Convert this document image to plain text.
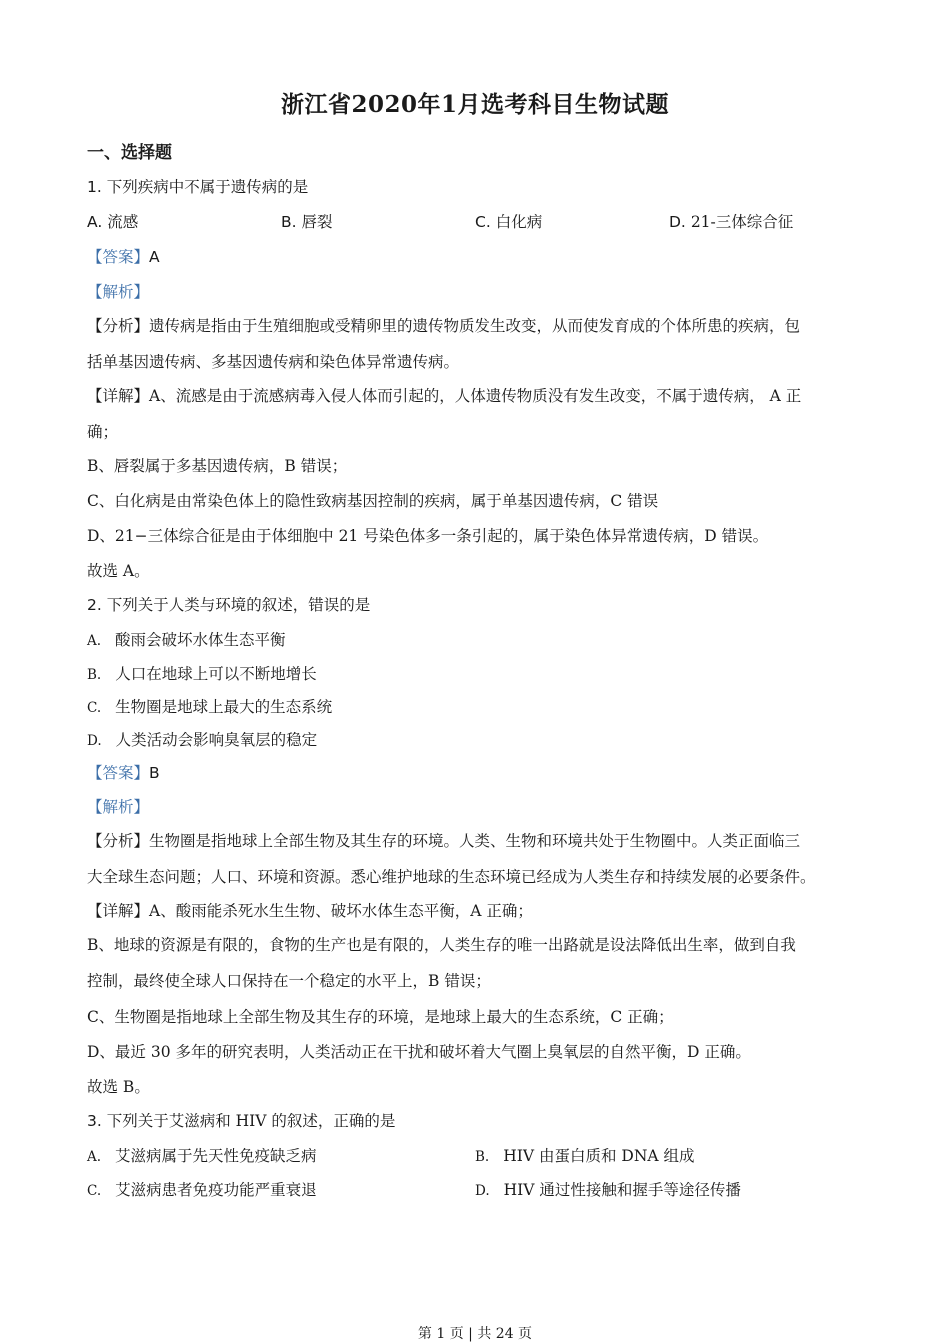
浙江省2020年1月选考科目生物试题
一、选择题
1. 下列疾病中不属于遗传病的是
A. 流感	B. 唇裂	C. 白化病	D. 21-三体综合征
【答案】A
【解析】
【分析】遗传病是指由于生殖细胞或受精卵里的遗传物质发生改变，从而使发育成的个体所患的疾病，包
括单基因遗传病、多基因遗传病和染色体异常遗传病。
【详解】A、流感是由于流感病毒入侵人体而引起的，人体遗传物质没有发生改变，不属于遗传病， A 正
确；
B、唇裂属于多基因遗传病，B 错误；
C、白化病是由常染色体上的隐性致病基因控制的疾病，属于单基因遗传病，C 错误
D、21−三体综合征是由于体细胞中 21 号染色体多一条引起的，属于染色体异常遗传病，D 错误。
故选 A。
2. 下列关于人类与环境的叙述，错误的是
A. 酸雨会破坏水体生态平衡
B. 人口在地球上可以不断地增长
C. 生物圈是地球上最大的生态系统
D. 人类活动会影响臭氧层的稳定
【答案】B
【解析】
【分析】生物圈是指地球上全部生物及其生存的环境。人类、生物和环境共处于生物圈中。人类正面临三
大全球生态问题；人口、环境和资源。悉心维护地球的生态环境已经成为人类生存和持续发展的必要条件。
【详解】A、酸雨能杀死水生生物、破坏水体生态平衡，A 正确；
B、地球的资源是有限的，食物的生产也是有限的，人类生存的唯一出路就是设法降低出生率，做到自我
控制，最终使全球人口保持在一个稳定的水平上，B 错误；
C、生物圈是指地球上全部生物及其生存的环境，是地球上最大的生态系统，C 正确；
D、最近 30 多年的研究表明，人类活动正在干扰和破坏着大气圈上臭氧层的自然平衡，D 正确。
故选 B。
3. 下列关于艾滋病和 HIV 的叙述，正确的是
A. 艾滋病属于先天性免疫缺乏病	B. HIV 由蛋白质和 DNA 组成
C. 艾滋病患者免疫功能严重衰退	D. HIV 通过性接触和握手等途径传播
第 1 页 | 共 24 页
